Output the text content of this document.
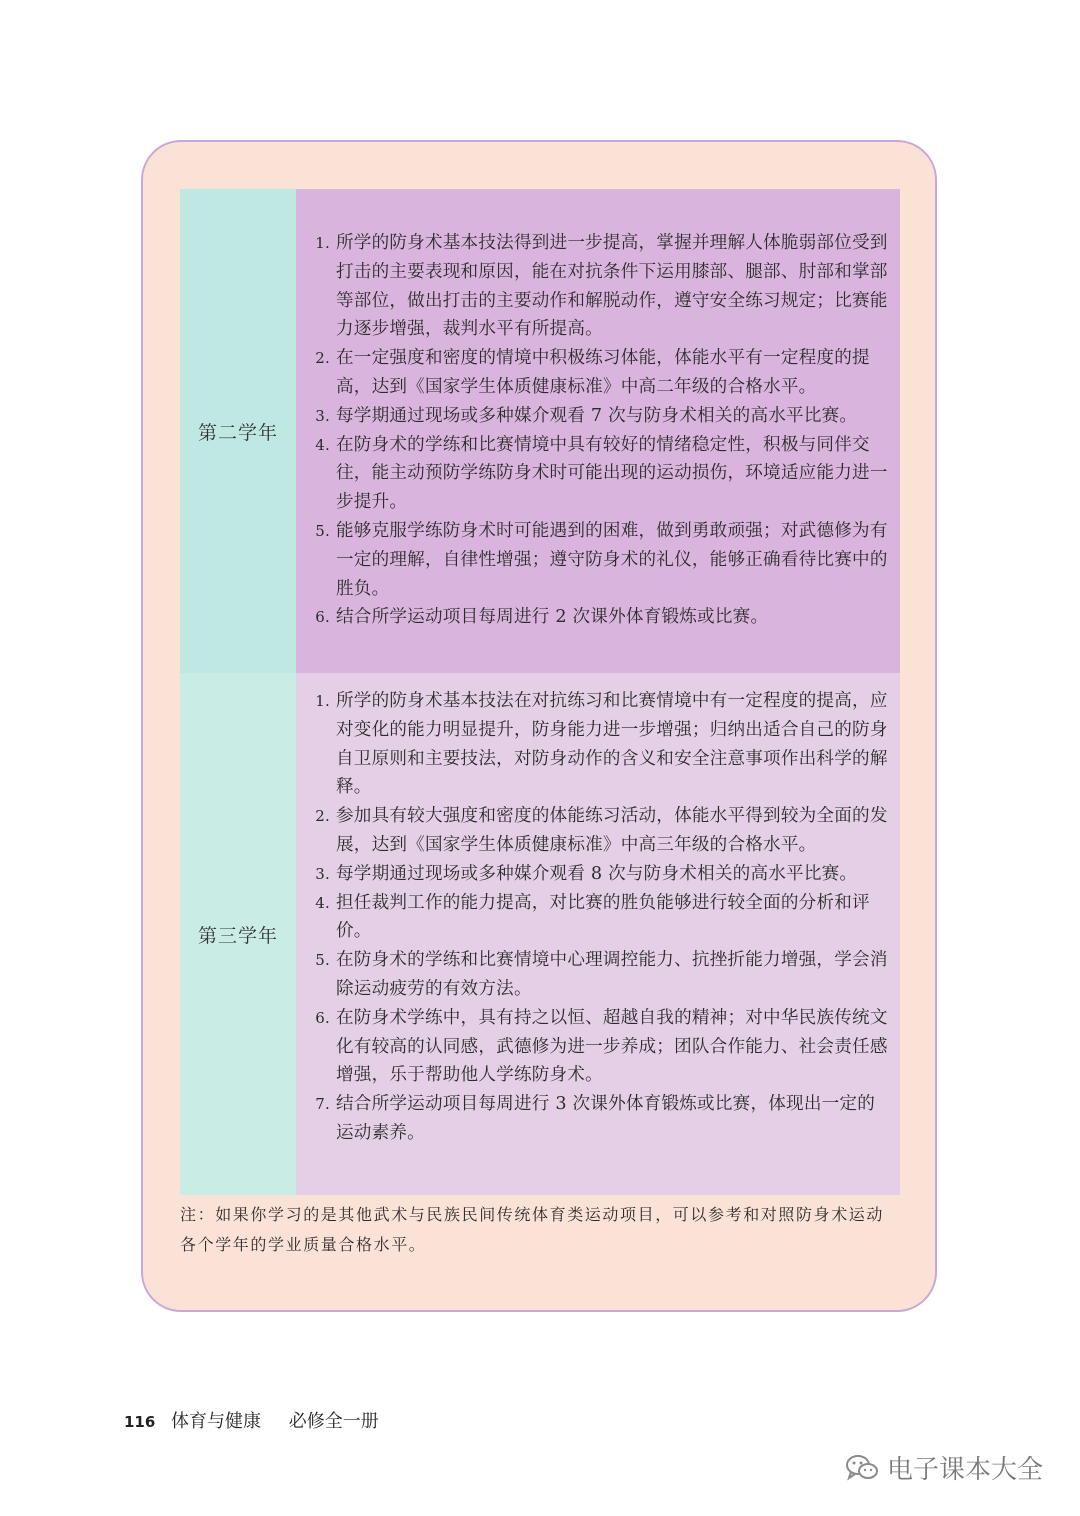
第二学年
1. 所学的防身术基本技法得到进一步提高，掌握并理解人体脆弱部位受到打击的主要表现和原因，能在对抗条件下运用膝部、腿部、肘部和掌部等部位，做出打击的主要动作和解脱动作，遵守安全练习规定；比赛能力逐步增强，裁判水平有所提高。
2. 在一定强度和密度的情境中积极练习体能，体能水平有一定程度的提高，达到《国家学生体质健康标准》中高二年级的合格水平。
3. 每学期通过现场或多种媒介观看 7 次与防身术相关的高水平比赛。
4. 在防身术的学练和比赛情境中具有较好的情绪稳定性，积极与同伴交往，能主动预防学练防身术时可能出现的运动损伤，环境适应能力进一步提升。
5. 能够克服学练防身术时可能遇到的困难，做到勇敢顽强；对武德修为有一定的理解，自律性增强；遵守防身术的礼仪，能够正确看待比赛中的胜负。
6. 结合所学运动项目每周进行 2 次课外体育锻炼或比赛。
第三学年
1. 所学的防身术基本技法在对抗练习和比赛情境中有一定程度的提高，应对变化的能力明显提升，防身能力进一步增强；归纳出适合自己的防身自卫原则和主要技法，对防身动作的含义和安全注意事项作出科学的解释。
2. 参加具有较大强度和密度的体能练习活动，体能水平得到较为全面的发展，达到《国家学生体质健康标准》中高三年级的合格水平。
3. 每学期通过现场或多种媒介观看 8 次与防身术相关的高水平比赛。
4. 担任裁判工作的能力提高，对比赛的胜负能够进行较全面的分析和评价。
5. 在防身术的学练和比赛情境中心理调控能力、抗挫折能力增强，学会消除运动疲劳的有效方法。
6. 在防身术学练中，具有持之以恒、超越自我的精神；对中华民族传统文化有较高的认同感，武德修为进一步养成；团队合作能力、社会责任感增强，乐于帮助他人学练防身术。
7. 结合所学运动项目每周进行 3 次课外体育锻炼或比赛，体现出一定的运动素养。
注：如果你学习的是其他武术与民族民间传统体育类运动项目，可以参考和对照防身术运动各个学年的学业质量合格水平。
116 体育与健康 必修全一册
电子课本大全
